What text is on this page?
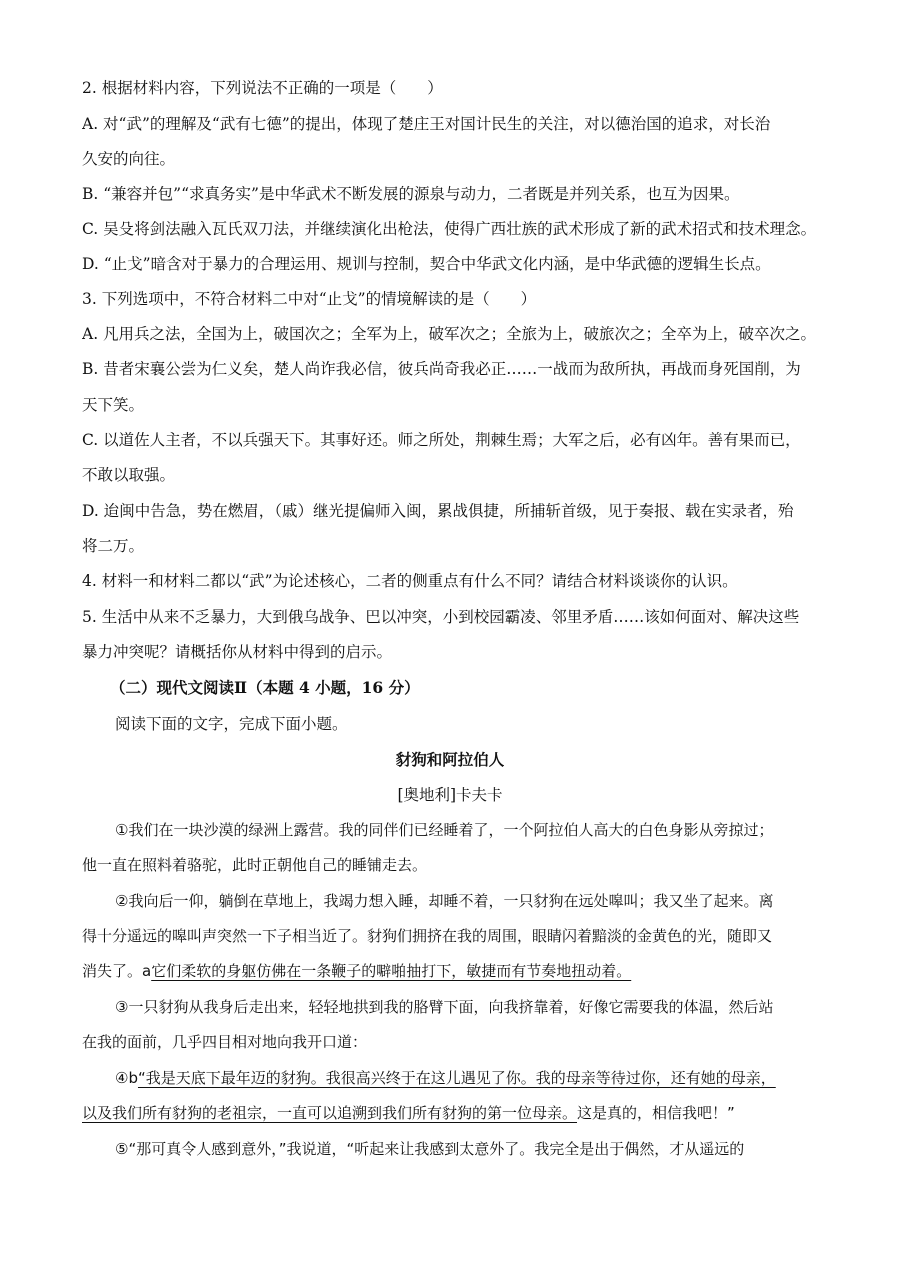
2. 根据材料内容，下列说法不正确的一项是（　　）
A. 对“武”的理解及“武有七德”的提出，体现了楚庄王对国计民生的关注，对以德治国的追求，对长治
久安的向往。
B. “兼容并包”“求真务实”是中华武术不断发展的源泉与动力，二者既是并列关系，也互为因果。
C. 吴殳将剑法融入瓦氏双刀法，并继续演化出枪法，使得广西壮族的武术形成了新的武术招式和技术理念。
D. “止戈”暗含对于暴力的合理运用、规训与控制，契合中华武文化内涵，是中华武德的逻辑生长点。
3. 下列选项中，不符合材料二中对“止戈”的情境解读的是（　　）
A. 凡用兵之法，全国为上，破国次之；全军为上，破军次之；全旅为上，破旅次之；全卒为上，破卒次之。
B. 昔者宋襄公尝为仁义矣，楚人尚诈我必信，彼兵尚奇我必正……一战而为敌所执，再战而身死国削，为
天下笑。
C. 以道佐人主者，不以兵强天下。其事好还。师之所处，荆棘生焉；大军之后，必有凶年。善有果而已，
不敢以取强。
D. 迨闽中告急，势在燃眉，（戚）继光提偏师入闽，累战俱捷，所捕斩首级，见于奏报、载在实录者，殆
将二万。
4. 材料一和材料二都以“武”为论述核心，二者的侧重点有什么不同？请结合材料谈谈你的认识。
5. 生活中从来不乏暴力，大到俄乌战争、巴以冲突，小到校园霸凌、邻里矛盾……该如何面对、解决这些
暴力冲突呢？请概括你从材料中得到的启示。
（二）现代文阅读Ⅱ（本题 4 小题，16 分）
阅读下面的文字，完成下面小题。
豺狗和阿拉伯人
[奥地利]卡夫卡
①我们在一块沙漠的绿洲上露营。我的同伴们已经睡着了，一个阿拉伯人高大的白色身影从旁掠过；
他一直在照料着骆驼，此时正朝他自己的睡铺走去。
②我向后一仰，躺倒在草地上，我竭力想入睡，却睡不着，一只豺狗在远处嗥叫；我又坐了起来。离
得十分遥远的嗥叫声突然一下子相当近了。豺狗们拥挤在我的周围，眼睛闪着黯淡的金黄色的光，随即又
消失了。a它们柔软的身躯仿佛在一条鞭子的噼啪抽打下，敏捷而有节奏地扭动着。
③一只豺狗从我身后走出来，轻轻地拱到我的胳臂下面，向我挤靠着，好像它需要我的体温，然后站
在我的面前，几乎四目相对地向我开口道：
④b“我是天底下最年迈的豺狗。我很高兴终于在这儿遇见了你。我的母亲等待过你，还有她的母亲，
以及我们所有豺狗的老祖宗，一直可以追溯到我们所有豺狗的第一位母亲。这是真的，相信我吧！”
⑤“那可真令人感到意外，”我说道，“听起来让我感到太意外了。我完全是出于偶然，才从遥远的
